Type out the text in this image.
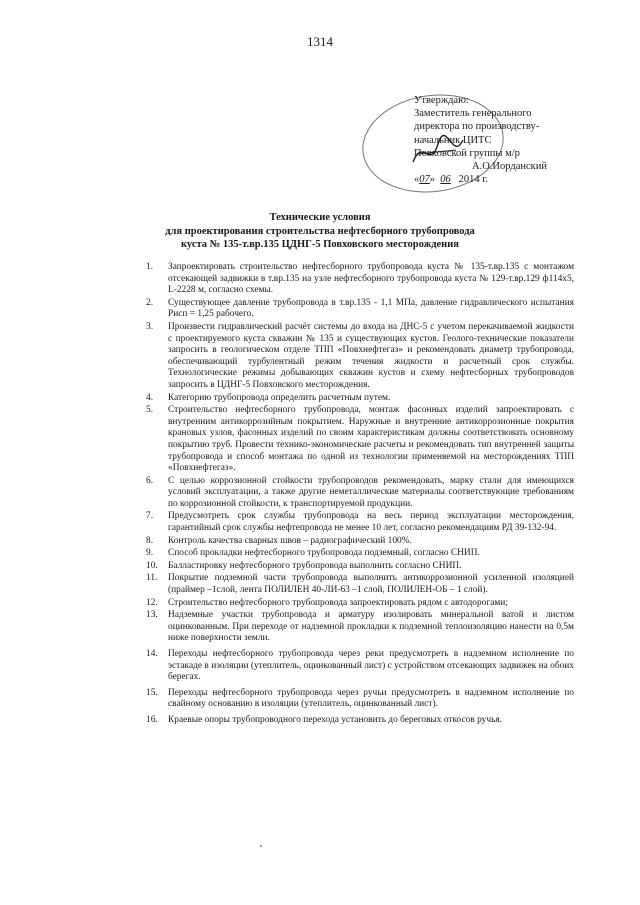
1314
Утверждаю:
Заместитель генерального
директора по производству-
начальник ЦИТС
Повховской группы м/р
А.О.Иорданский
«07» 06 2014 г.
Технические условия
для проектирования строительства нефтесборного трубопровода
куста № 135-т.вр.135 ЦДНГ-5 Повховского месторождения
1. Запроектировать строительство нефтесборного трубопровода куста № 135-т.вр.135 с монтажом отсекающей задвижки в т.вр.135 на узле нефтесборного трубопровода куста № 129-т.вр.129 ф114х5, L-2228 м, согласно схемы.
2. Существующее давление трубопровода в т.вр.135 - 1,1 МПа, давление гидравлического испытания Рисп = 1,25 рабочего.
3. Произвести гидравлический расчёт системы до входа на ДНС-5 с учетом перекачиваемой жидкости с проектируемого куста скважин № 135 и существующих кустов. Геолого-технические показатели запросить в геологическом отделе ТПП «Повхнефтегаз» и рекомендовать диаметр трубопровода, обеспечивающий турбулентный режим течения жидкости и расчетный срок службы. Технологические режимы добывающих скважин кустов и схему нефтесборных трубопроводов запросить в ЦДНГ-5 Повховского месторождения.
4. Категорию трубопровода определить расчетным путем.
5. Строительство нефтесборного трубопровода, монтаж фасонных изделий запроектировать с внутренним антикоррозийным покрытием. Наружные и внутренние антикоррозионные покрытия крановых узлов, фасонных изделий по своим характеристикам должны соответствовать основному покрытию труб. Провести технико-экономические расчеты и рекомендовать тип внутренней защиты трубопровода и способ монтажа по одной из технологии применяемой на месторождениях ТПП «Повхнефтегаз».
6. С целью коррозионной стойкости трубопроводов рекомендовать, марку стали для имеющихся условий эксплуатации, а также другие неметаллические материалы соответствующие требованиям по коррозионной стойкости, к транспортируемой продукции.
7. Предусмотреть срок службы трубопровода на весь период эксплуатации месторождения, гарантийный срок службы нефтепровода не менее 10 лет, согласно рекомендациям РД 39-132-94.
8. Контроль качества сварных швов – радиографический 100%.
9. Способ прокладки нефтесборного трубопровода подземный, согласно СНИП.
10. Балластировку нефтесборного трубопровода выполнить согласно СНИП.
11. Покрытие подземной части трубопровода выполнить антикоррозионной усиленной изоляцией (праймер –1слой, лента ПОЛИЛЕН 40-ЛИ-63 –1 слой, ПОЛИЛЕН-ОБ – 1 слой).
12. Строительство нефтесборного трубопровода запроектировать рядом с автодорогами;
13. Надземные участки трубопровода и арматуру изолировать минеральной ватой и листом оцинкованным. При переходе от надземной прокладки к подземной теплоизоляцию нанести на 0,5м ниже поверхности земли.
14. Переходы нефтесборного трубопровода через реки предусмотреть в надземном исполнение по эстакаде в изоляции (утеплитель, оцинкованный лист) с устройством отсекающих задвижек на обоих берегах.
15. Переходы нефтесборного трубопровода через ручьи предусмотреть в надземном исполнение по свайному основанию в изоляции (утеплитель, оцинкованный лист).
16. Краевые опоры трубопроводного перехода установить до береговых откосов ручья.
